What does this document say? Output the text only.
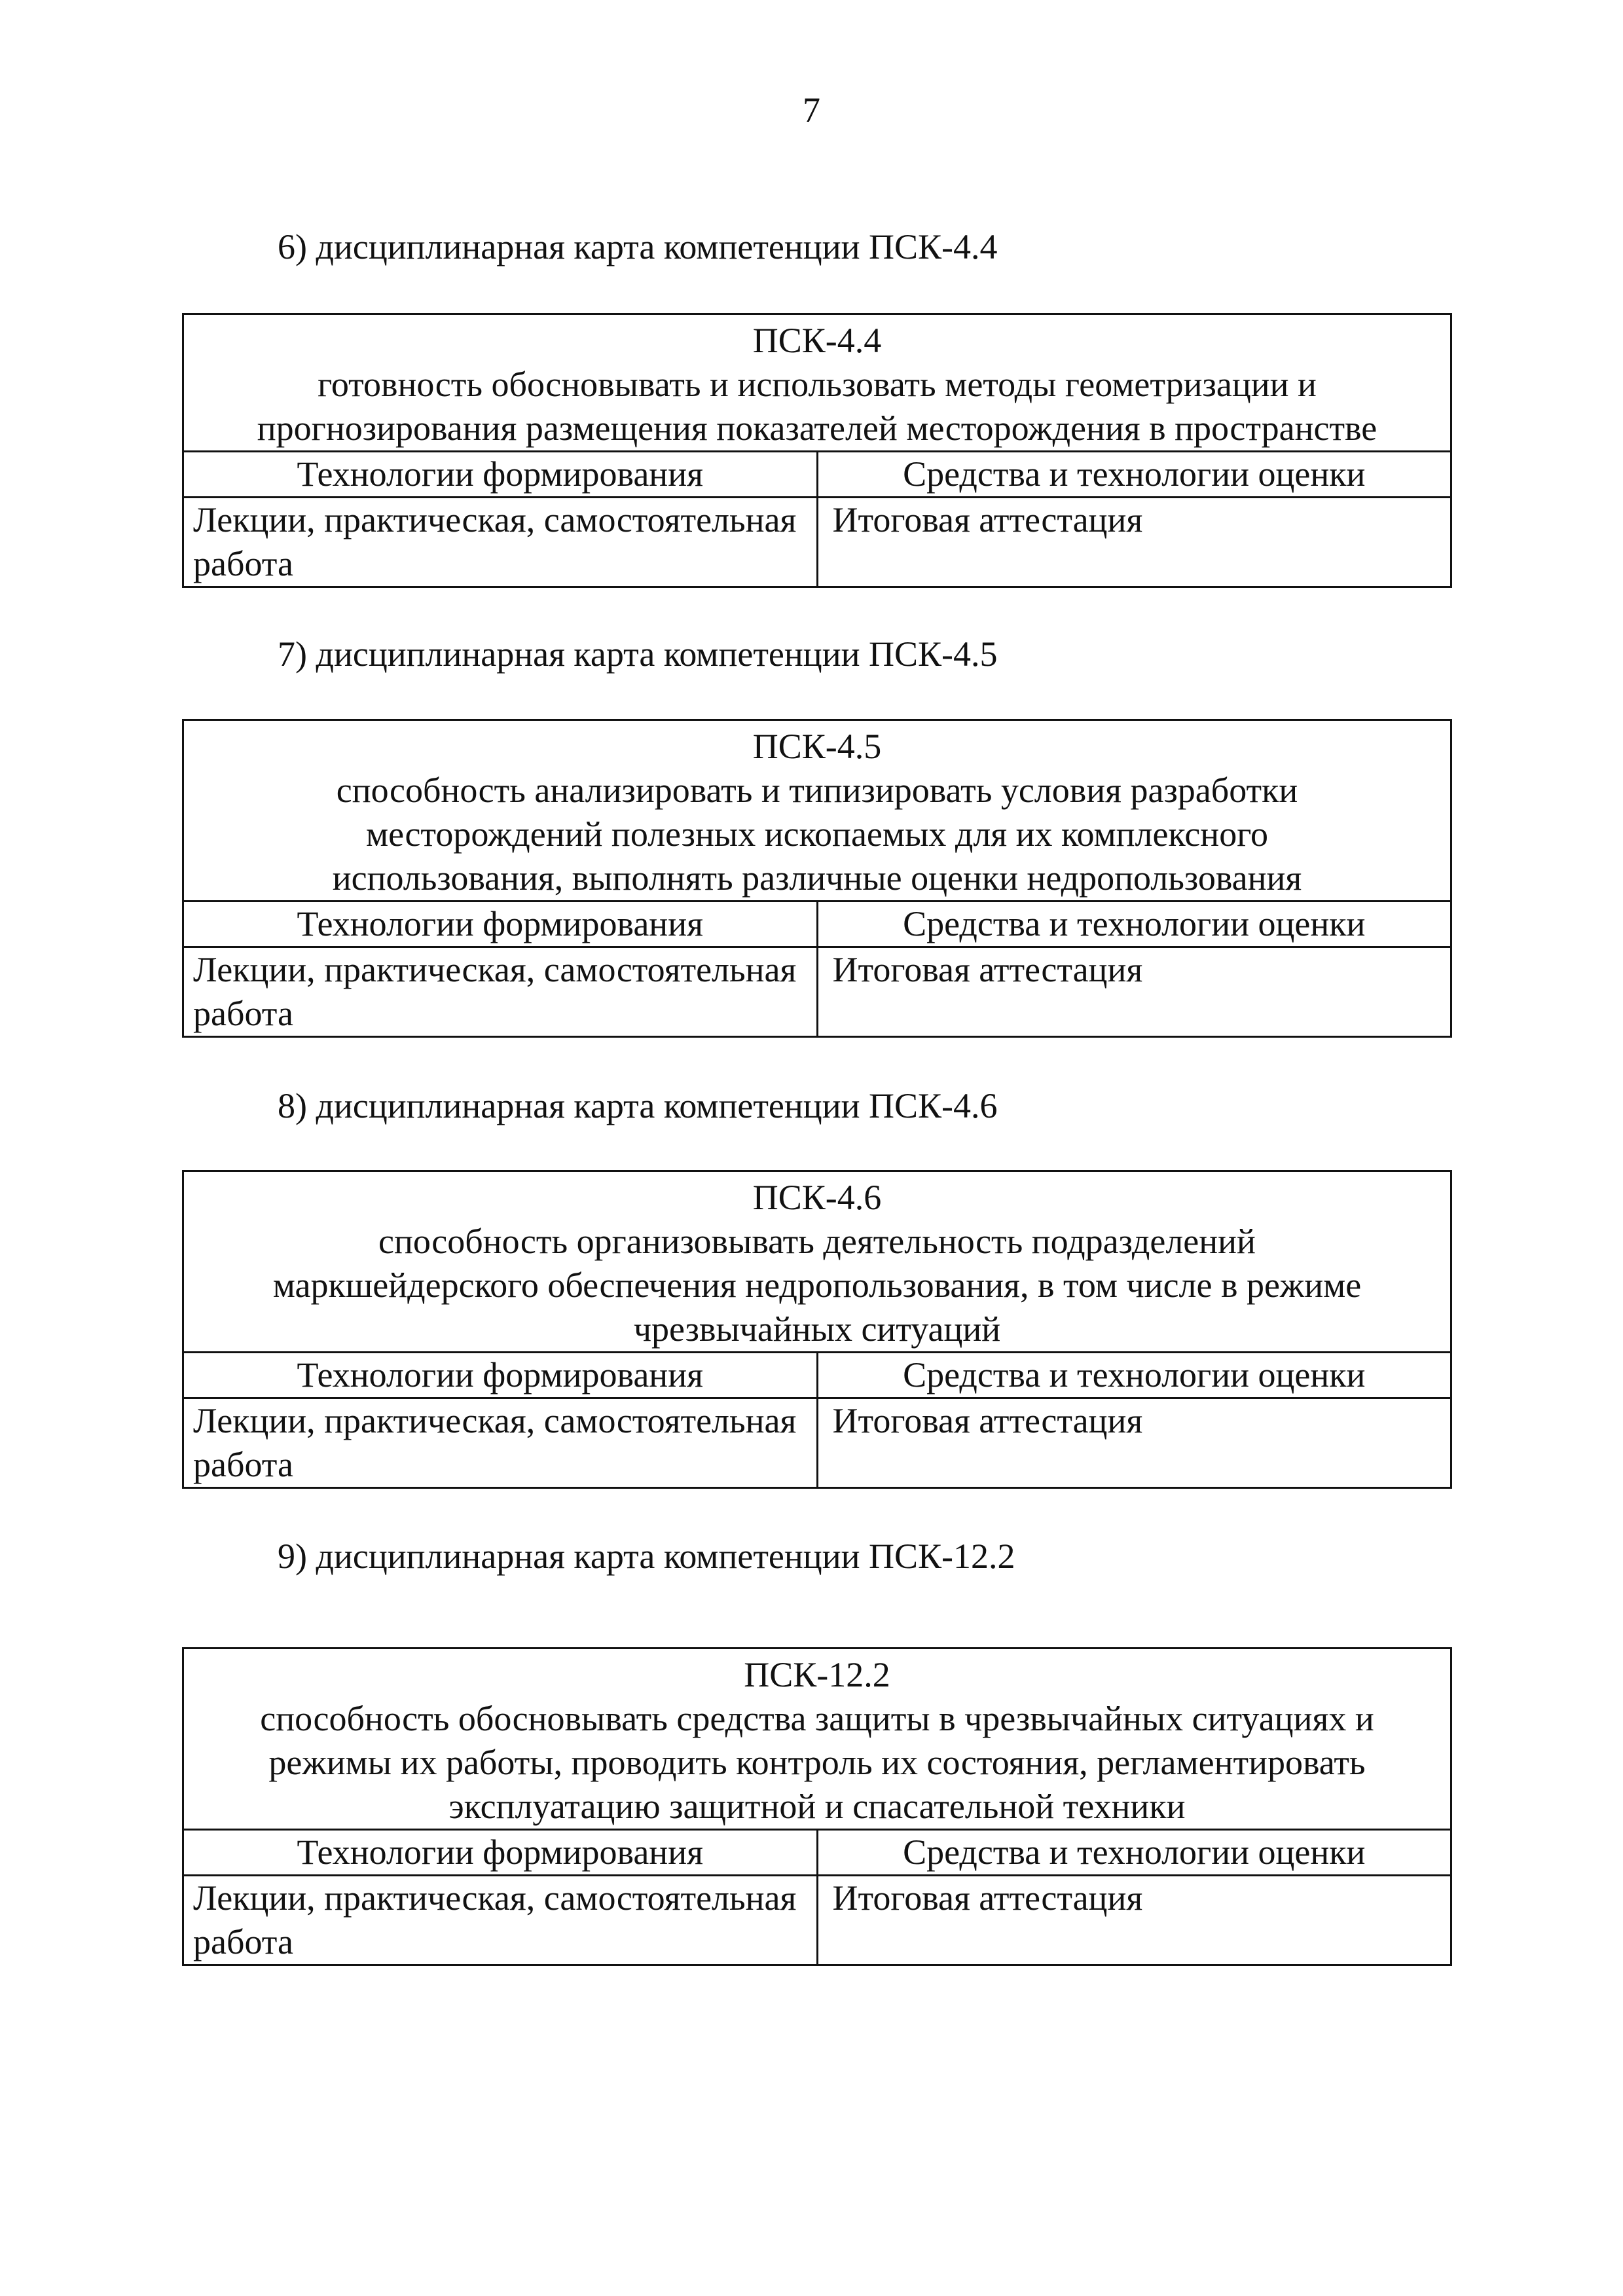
7
6) дисциплинарная карта компетенции ПСК-4.4
ПСК-4.4
готовность обосновывать и использовать методы геометризации и
прогнозирования размещения показателей месторождения в пространстве	

Технологии формирования	Средства и технологии оценки
Лекции, практическая, самостоятельная работа	Итоговая аттестация
7) дисциплинарная карта компетенции ПСК-4.5
ПСК-4.5
способность анализировать и типизировать условия разработки
месторождений полезных ископаемых для их комплексного
использования, выполнять различные оценки недропользования	

Технологии формирования	Средства и технологии оценки
Лекции, практическая, самостоятельная работа	Итоговая аттестация
8) дисциплинарная карта компетенции ПСК-4.6
ПСК-4.6
способность организовывать деятельность подразделений
маркшейдерского обеспечения недропользования, в том числе в режиме
чрезвычайных ситуаций	

Технологии формирования	Средства и технологии оценки
Лекции, практическая, самостоятельная работа	Итоговая аттестация
9) дисциплинарная карта компетенции ПСК-12.2
ПСК-12.2
способность обосновывать средства защиты в чрезвычайных ситуациях и
режимы их работы, проводить контроль их состояния, регламентировать
эксплуатацию защитной и спасательной техники	

Технологии формирования	Средства и технологии оценки
Лекции, практическая, самостоятельная работа	Итоговая аттестация
